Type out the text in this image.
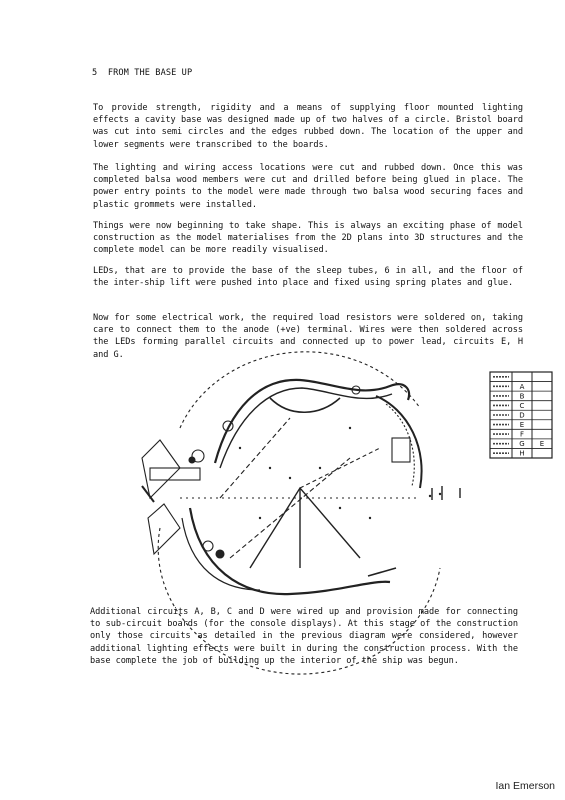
5 FROM THE BASE UP

To provide strength, rigidity and a means of supplying floor mounted lighting effects a cavity base was designed made up of two halves of a circle. Bristol board was cut into semi circles and the edges rubbed down. The location of the upper and lower segments were transcribed to the boards.

The lighting and wiring access locations were cut and rubbed down. Once this was completed balsa wood members were cut and drilled before being glued in place. The power entry points to the model were made through two balsa wood securing faces and plastic grommets were installed.

Things were now beginning to take shape. This is always an exciting phase of model construction as the model materialises from the 2D plans into 3D structures and the complete model can be more readily visualised.

LEDs, that are to provide the base of the sleep tubes, 6 in all, and the floor of the inter-ship lift were pushed into place and fixed using spring plates and glue.

Now for some electrical work, the required load resistors were soldered on, taking care to connect them to the anode (+ve) terminal. Wires were then soldered across the LEDs forming parallel circuits and connected up to power lead, circuits E, H and G.

A
B
C
D
E
F
G E
H

Additional circuits A, B, C and D were wired up and provision made for connecting to sub-circuit boards (for the console displays). At this stage of the construction only those circuits as detailed in the previous diagram were considered, however additional lighting effects were built in during the construction process. With the base complete the job of building up the interior of the ship was begun.

Ian Emerson
